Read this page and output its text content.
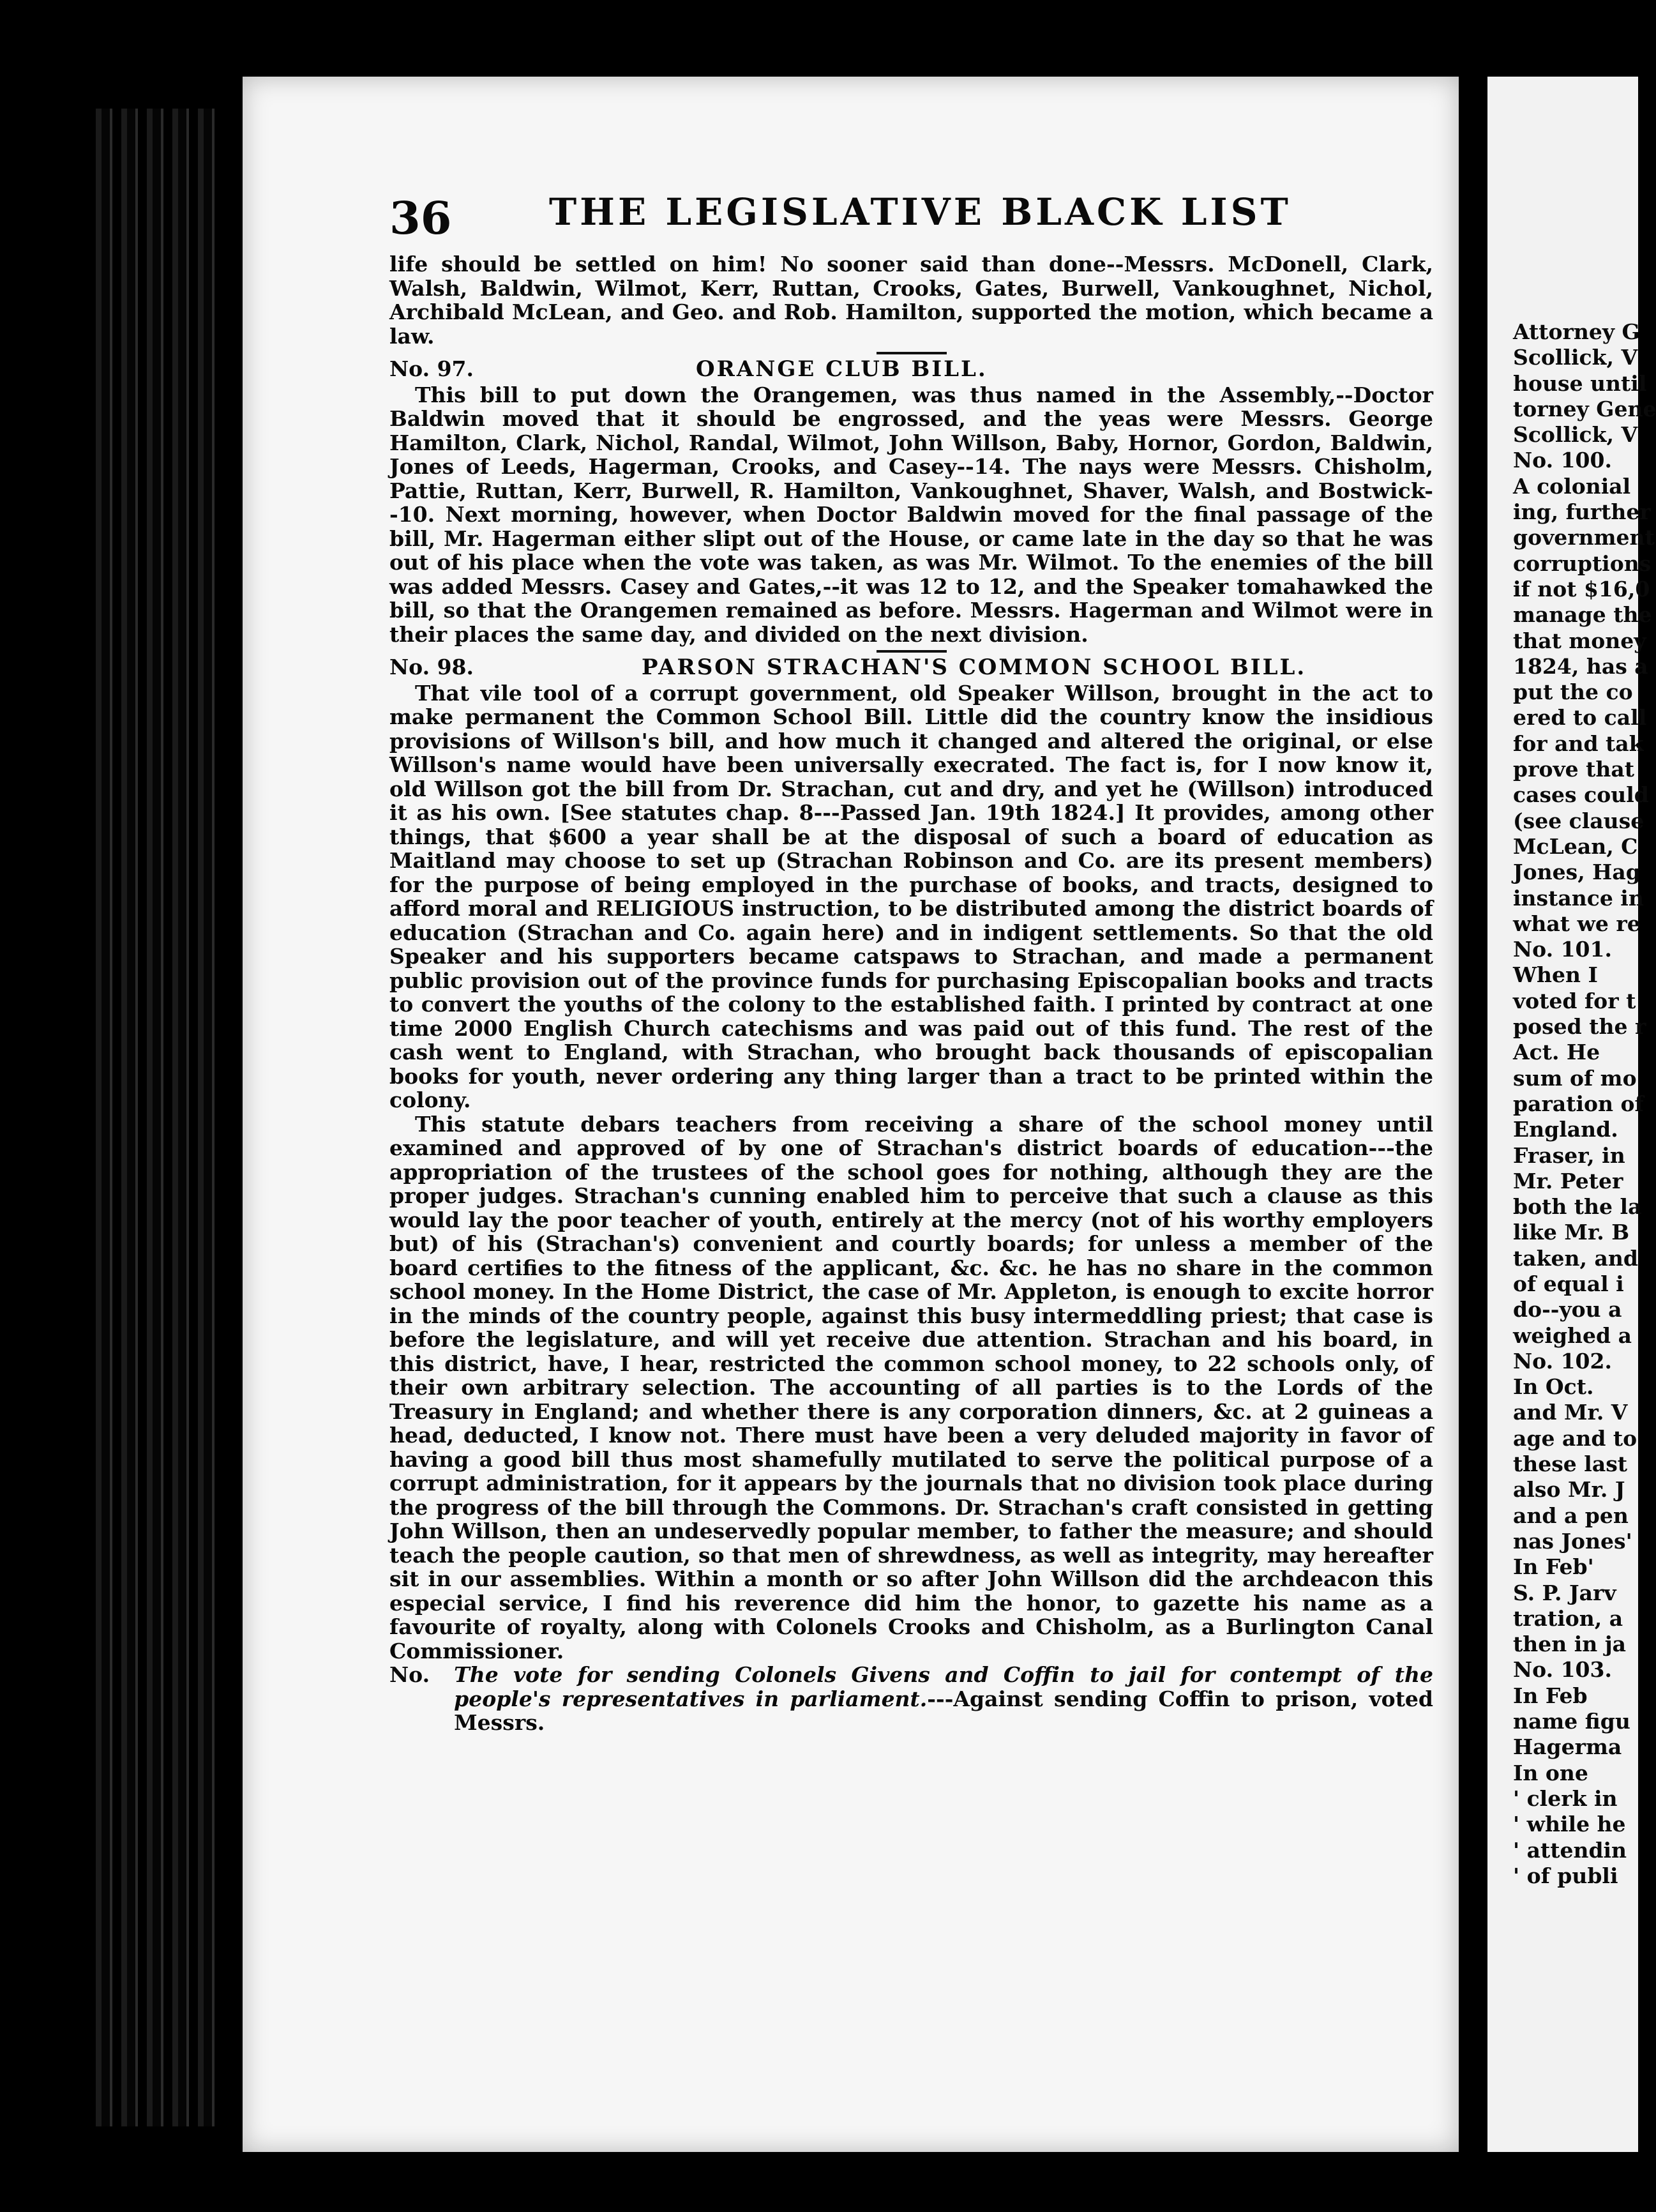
36	THE LEGISLATIVE BLACK LIST

life should be settled on him! No sooner said than done--Messrs. McDonell, Clark, Walsh, Baldwin, Wilmot, Kerr, Ruttan, Crooks, Gates, Burwell, Vankoughnet, Nichol, Archibald McLean, and Geo. and Rob. Hamilton, supported the motion, which became a law.

No. 97.	ORANGE CLUB BILL.

This bill to put down the Orangemen, was thus named in the Assembly,--Doctor Baldwin moved that it should be engrossed, and the yeas were Messrs. George Hamilton, Clark, Nichol, Randal, Wilmot, John Willson, Baby, Hornor, Gordon, Baldwin, Jones of Leeds, Hagerman, Crooks, and Casey--14. The nays were Messrs. Chisholm, Pattie, Ruttan, Kerr, Burwell, R. Hamilton, Vankoughnet, Shaver, Walsh, and Bostwick--10. Next morning, however, when Doctor Baldwin moved for the final passage of the bill, Mr. Hagerman either slipt out of the House, or came late in the day so that he was out of his place when the vote was taken, as was Mr. Wilmot. To the enemies of the bill was added Messrs. Casey and Gates,--it was 12 to 12, and the Speaker tomahawked the bill, so that the Orangemen remained as before. Messrs. Hagerman and Wilmot were in their places the same day, and divided on the next division.

No. 98.	PARSON STRACHAN'S COMMON SCHOOL BILL.

That vile tool of a corrupt government, old Speaker Willson, brought in the act to make permanent the Common School Bill. Little did the country know the insidious provisions of Willson's bill, and how much it changed and altered the original, or else Willson's name would have been universally execrated. The fact is, for I now know it, old Willson got the bill from Dr. Strachan, cut and dry, and yet he (Willson) introduced it as his own. [See statutes chap. 8---Passed Jan. 19th 1824.] It provides, among other things, that $600 a year shall be at the disposal of such a board of education as Maitland may choose to set up (Strachan Robinson and Co. are its present members) for the purpose of being employed in the purchase of books, and tracts, designed to afford moral and RELIGIOUS instruction, to be distributed among the district boards of education (Strachan and Co. again here) and in indigent settlements. So that the old Speaker and his supporters became catspaws to Strachan, and made a permanent public provision out of the province funds for purchasing Episcopalian books and tracts to convert the youths of the colony to the established faith. I printed by contract at one time 2000 English Church catechisms and was paid out of this fund. The rest of the cash went to England, with Strachan, who brought back thousands of episcopalian books for youth, never ordering any thing larger than a tract to be printed within the colony.

This statute debars teachers from receiving a share of the school money until examined and approved of by one of Strachan's district boards of education---the appropriation of the trustees of the school goes for nothing, although they are the proper judges. Strachan's cunning enabled him to perceive that such a clause as this would lay the poor teacher of youth, entirely at the mercy (not of his worthy employers but) of his (Strachan's) convenient and courtly boards; for unless a member of the board certifies to the fitness of the applicant, &c. &c. he has no share in the common school money. In the Home District, the case of Mr. Appleton, is enough to excite horror in the minds of the country people, against this busy intermeddling priest; that case is before the legislature, and will yet receive due attention. Strachan and his board, in this district, have, I hear, restricted the common school money, to 22 schools only, of their own arbitrary selection. The accounting of all parties is to the Lords of the Treasury in England; and whether there is any corporation dinners, &c. at 2 guineas a head, deducted, I know not. There must have been a very deluded majority in favor of having a good bill thus most shamefully mutilated to serve the political purpose of a corrupt administration, for it appears by the journals that no division took place during the progress of the bill through the Commons. Dr. Strachan's craft consisted in getting John Willson, then an undeservedly popular member, to father the measure; and should teach the people caution, so that men of shrewdness, as well as integrity, may hereafter sit in our assemblies. Within a month or so after John Willson did the archdeacon this especial service, I find his reverence did him the honor, to gazette his name as a favourite of royalty, along with Colonels Crooks and Chisholm, as a Burlington Canal Commissioner.

No.	The vote for sending Colonels Givens and Coffin to jail for contempt of the people's representatives in parliament.---Against sending Coffin to prison, voted Messrs.
Attorney G
Scollick, V
house until
torney Gene
Scollick, V
No. 100.
A colonial
ing, further
government
corruptions
if not $16,0
manage the
that money
1824, has a
put the co
ered to call
for and tak
prove that
cases could
(see clause
McLean, C
Jones, Hag
instance in
what we re
No. 101.
When I
voted for t
posed the r
Act. He
sum of mo
paration of
England.
Fraser, in
Mr. Peter
both the la
like Mr. B
taken, and
of equal i
do--you a
weighed a
No. 102.
In Oct.
and Mr. V
age and to
these last
also Mr. J
and a pen
nas Jones'
In Feb'
S. P. Jarv
tration, a
then in ja
No. 103.
In Feb
name figu
Hagerma
In one
' clerk in
' while he
' attendin
' of publi
